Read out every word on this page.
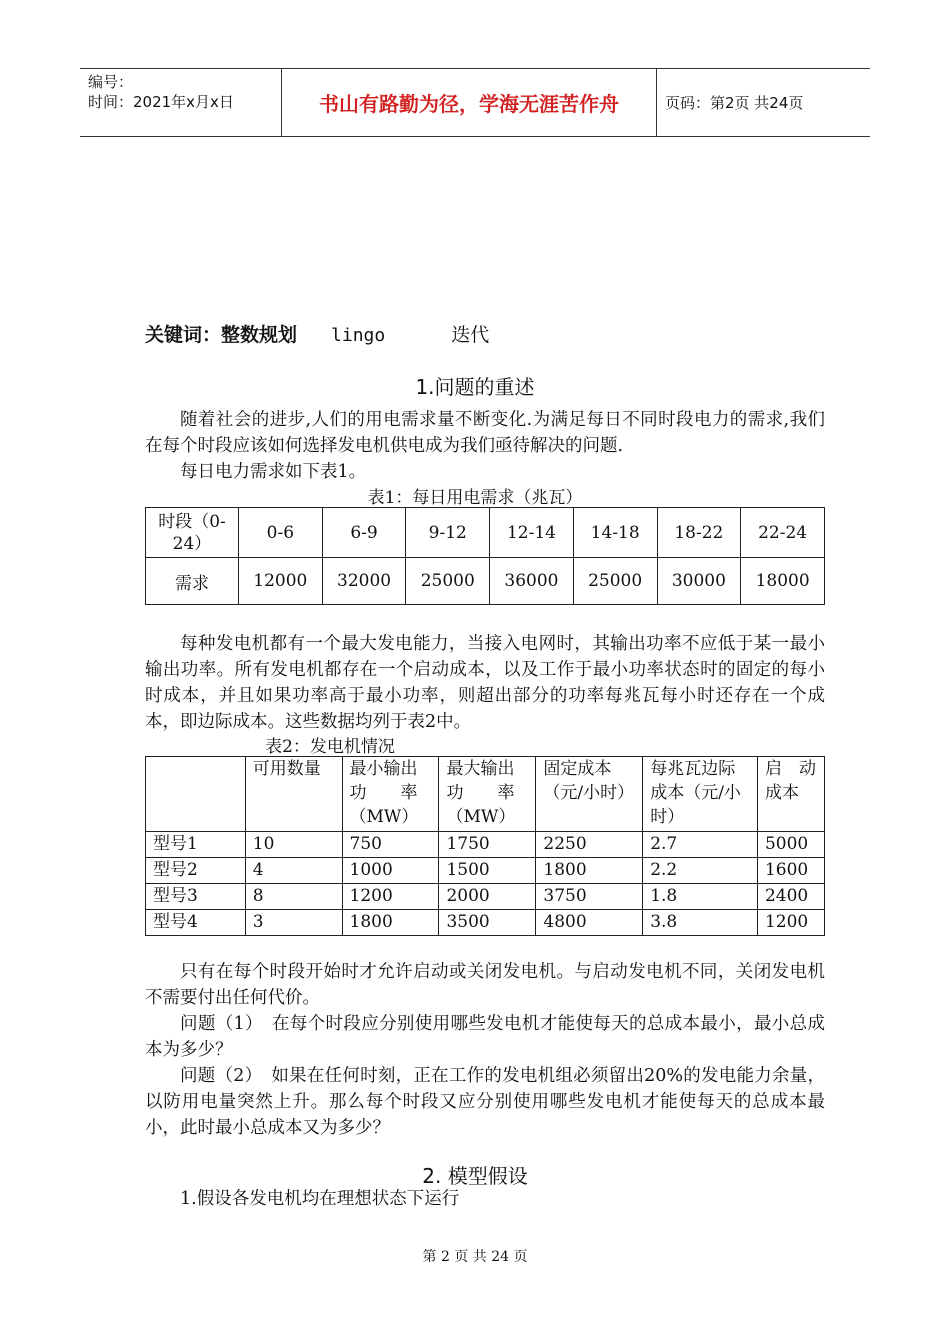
编号：
时间：2021年x月x日	书山有路勤为径，学海无涯苦作舟	页码：第2页 共24页
关键词：整数规划 lingo	迭代
1.问题的重述
随着社会的进步,人们的用电需求量不断变化.为满足每日不同时段电力的需求,我们在每个时段应该如何选择发电机供电成为我们亟待解决的问题.
每日电力需求如下表1。
表1：每日用电需求（兆瓦）
时段（0-24）	0-6	6-9	9-12	12-14	14-18	18-22	22-24
需求	12000	32000	25000	36000	25000	30000	18000
每种发电机都有一个最大发电能力，当接入电网时，其输出功率不应低于某一最小输出功率。所有发电机都存在一个启动成本，以及工作于最小功率状态时的固定的每小时成本，并且如果功率高于最小功率，则超出部分的功率每兆瓦每小时还存在一个成本，即边际成本。这些数据均列于表2中。
表2：发电机情况
	可用数量	最小输出功　　率（MW）	最大输出功　　率（MW）	固定成本（元/小时）	每兆瓦边际成本（元/小时）	启　动成本
型号1	10	750	1750	2250	2.7	5000
型号2	4	1000	1500	1800	2.2	1600
型号3	8	1200	2000	3750	1.8	2400
型号4	3	1800	3500	4800	3.8	1200
只有在每个时段开始时才允许启动或关闭发电机。与启动发电机不同，关闭发电机不需要付出任何代价。
问题（1）　在每个时段应分别使用哪些发电机才能使每天的总成本最小，最小总成本为多少？
问题（2）　如果在任何时刻，正在工作的发电机组必须留出20%的发电能力余量，以防用电量突然上升。那么每个时段又应分别使用哪些发电机才能使每天的总成本最小，此时最小总成本又为多少？
2. 模型假设
1.假设各发电机均在理想状态下运行
第 2 页 共 24 页
